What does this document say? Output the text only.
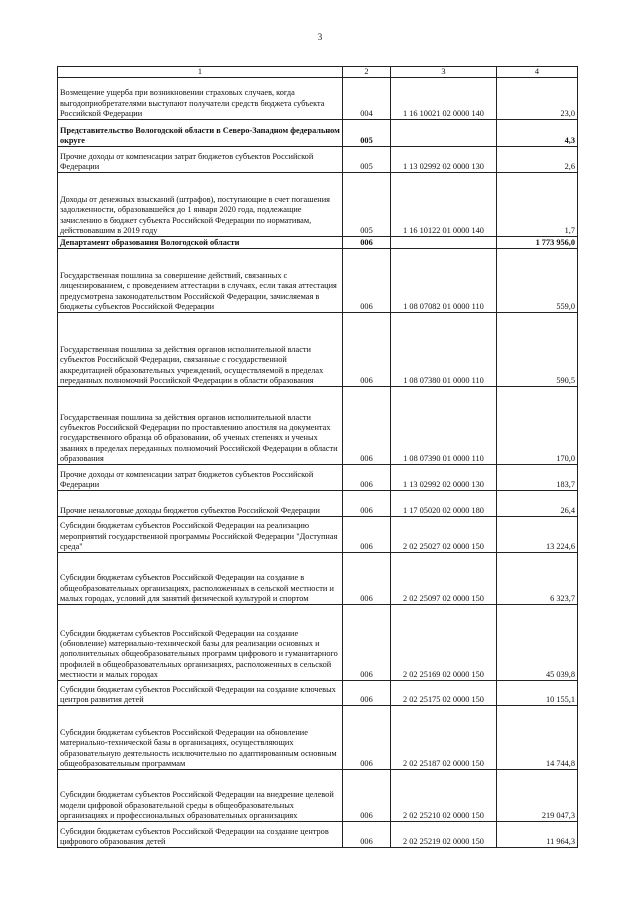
3
1	2	3	4
Возмещение ущерба при возникновении страховых случаев, когда выгодоприобретателями выступают получатели средств бюджета субъекта Российской Федерации	004	1 16 10021 02 0000 140	23,0
Представительство Вологодской области в Северо-Западном федеральном округе	005		4,3
Прочие доходы от компенсации затрат бюджетов субъектов Российской Федерации	005	1 13 02992 02 0000 130	2,6
Доходы от денежных взысканий (штрафов), поступающие в счет погашения задолженности, образовавшейся до 1 января 2020 года, подлежащие зачислению в бюджет субъекта Российской Федерации по нормативам, действовавшим в 2019 году	005	1 16 10122 01 0000 140	1,7
Департамент образования Вологодской области	006		1 773 956,0
Государственная пошлина за совершение действий, связанных с лицензированием, с проведением аттестации в случаях, если такая аттестация предусмотрена законодательством Российской Федерации, зачисляемая в бюджеты субъектов Российской Федерации	006	1 08 07082 01 0000 110	559,0
Государственная пошлина за действия органов исполнительной власти субъектов Российской Федерации, связанные с государственной аккредитацией образовательных учреждений, осуществляемой в пределах переданных полномочий Российской Федерации в области образования	006	1 08 07380 01 0000 110	590,5
Государственная пошлина за действия органов исполнительной власти субъектов Российской Федерации по проставлению апостиля на документах государственного образца об образовании, об ученых степенях и ученых званиях в пределах переданных полномочий Российской Федерации в области образования	006	1 08 07390 01 0000 110	170,0
Прочие доходы от компенсации затрат бюджетов субъектов Российской Федерации	006	1 13 02992 02 0000 130	183,7
Прочие неналоговые доходы бюджетов субъектов Российской Федерации	006	1 17 05020 02 0000 180	26,4
Субсидии бюджетам субъектов Российской Федерации на реализацию мероприятий государственной программы Российской Федерации "Доступная среда"	006	2 02 25027 02 0000 150	13 224,6
Субсидии бюджетам субъектов Российской Федерации на создание в общеобразовательных организациях, расположенных в сельской местности и малых городах, условий для занятий физической культурой и спортом	006	2 02 25097 02 0000 150	6 323,7
Субсидии бюджетам субъектов Российской Федерации на создание (обновление) материально-технической базы для реализации основных и дополнительных общеобразовательных программ цифрового и гуманитарного профилей в общеобразовательных организациях, расположенных в сельской местности и малых городах	006	2 02 25169 02 0000 150	45 039,8
Субсидии бюджетам субъектов Российской Федерации на создание ключевых центров развития детей	006	2 02 25175 02 0000 150	10 155,1
Субсидии бюджетам субъектов Российской Федерации на обновление материально-технической базы в организациях, осуществляющих образовательную деятельность исключительно по адаптированным основным общеобразовательным программам	006	2 02 25187 02 0000 150	14 744,8
Субсидии бюджетам субъектов Российской Федерации на внедрение целевой модели цифровой образовательной среды в общеобразовательных организациях и профессиональных образовательных организациях	006	2 02 25210 02 0000 150	219 047,3
Субсидии бюджетам субъектов Российской Федерации на создание центров цифрового образования детей	006	2 02 25219 02 0000 150	11 964,3
